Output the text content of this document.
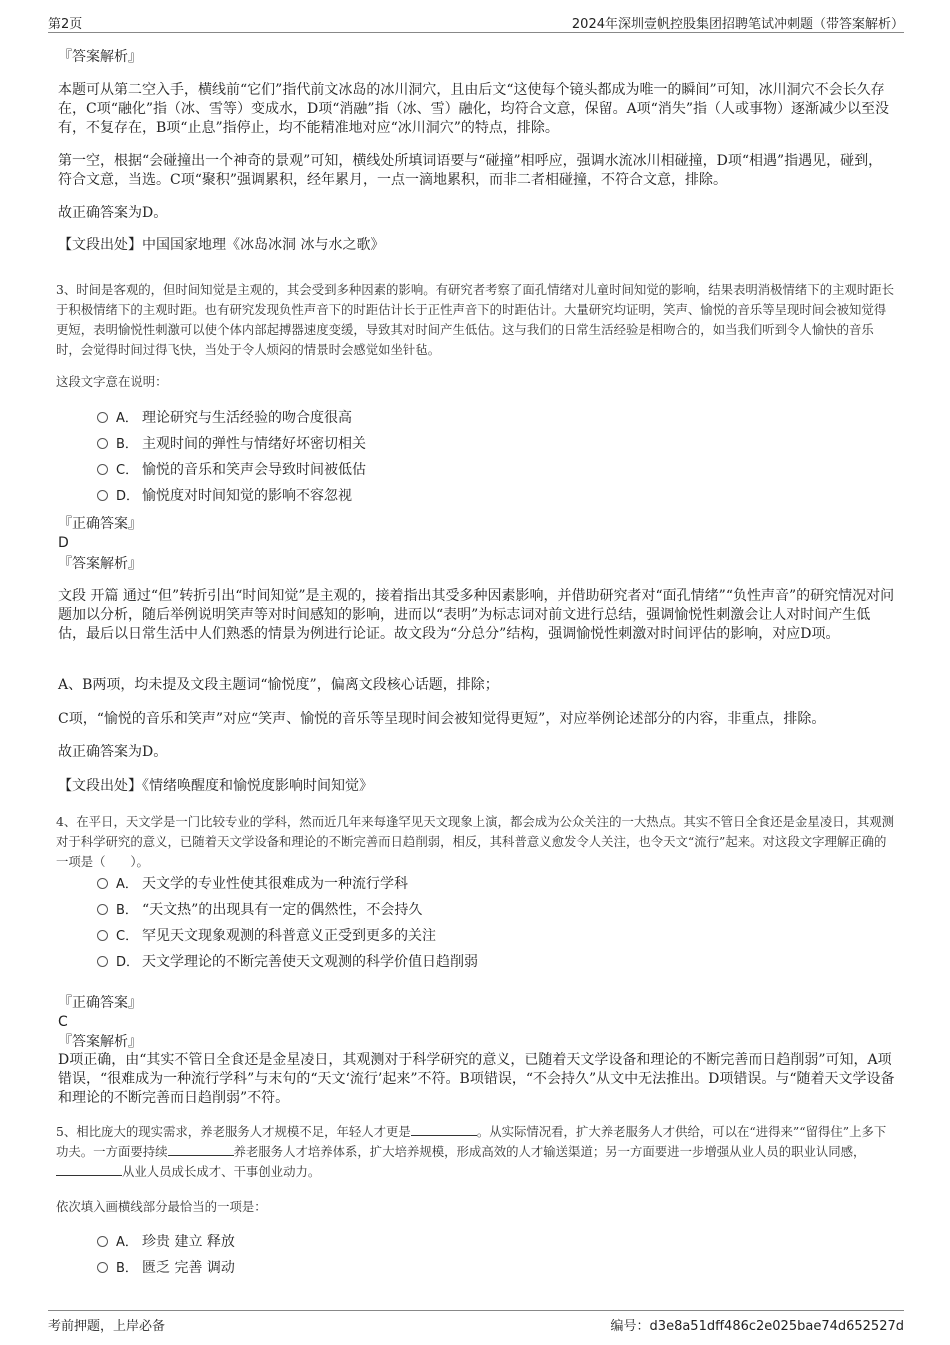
第2页	2024年深圳壹帆控股集团招聘笔试冲刺题（带答案解析）

『答案解析』

本题可从第二空入手，横线前“它们”指代前文冰岛的冰川洞穴，且由后文“这使每个镜头都成为唯一的瞬间”可知，冰川洞穴不会长久存在，C项“融化”指（冰、雪等）变成水，D项“消融”指（冰、雪）融化，均符合文意，保留。A项“消失”指（人或事物）逐渐减少以至没有，不复存在，B项“止息”指停止，均不能精准地对应“冰川洞穴”的特点，排除。

第一空，根据“会碰撞出一个神奇的景观”可知，横线处所填词语要与“碰撞”相呼应，强调水流冰川相碰撞，D项“相遇”指遇见，碰到，符合文意，当选。C项“聚积”强调累积，经年累月，一点一滴地累积，而非二者相碰撞，不符合文意，排除。

故正确答案为D。

【文段出处】中国国家地理《冰岛冰洞 冰与水之歌》

3、时间是客观的，但时间知觉是主观的，其会受到多种因素的影响。有研究者考察了面孔情绪对儿童时间知觉的影响，结果表明消极情绪下的主观时距长于积极情绪下的主观时距。也有研究发现负性声音下的时距估计长于正性声音下的时距估计。大量研究均证明，笑声、愉悦的音乐等呈现时间会被知觉得更短，表明愉悦性刺激可以使个体内部起搏器速度变缓，导致其对时间产生低估。这与我们的日常生活经验是相吻合的，如当我们听到令人愉快的音乐时，会觉得时间过得飞快，当处于令人烦闷的情景时会感觉如坐针毡。

这段文字意在说明：

A． 理论研究与生活经验的吻合度很高
B． 主观时间的弹性与情绪好坏密切相关
C． 愉悦的音乐和笑声会导致时间被低估
D． 愉悦度对时间知觉的影响不容忽视

『正确答案』

D

『答案解析』

文段 开篇 通过“但”转折引出“时间知觉”是主观的，接着指出其受多种因素影响，并借助研究者对“面孔情绪”“负性声音”的研究情况对问题加以分析，随后举例说明笑声等对时间感知的影响，进而以“表明”为标志词对前文进行总结，强调愉悦性刺激会让人对时间产生低估，最后以日常生活中人们熟悉的情景为例进行论证。故文段为“分总分”结构，强调愉悦性刺激对时间评估的影响，对应D项。

A、B两项，均未提及文段主题词“愉悦度”，偏离文段核心话题，排除；

C项，“愉悦的音乐和笑声”对应“笑声、愉悦的音乐等呈现时间会被知觉得更短”，对应举例论述部分的内容，非重点，排除。

故正确答案为D。

【文段出处】《情绪唤醒度和愉悦度影响时间知觉》

4、在平日，天文学是一门比较专业的学科，然而近几年来每逢罕见天文现象上演，都会成为公众关注的一大热点。其实不管日全食还是金星凌日，其观测对于科学研究的意义，已随着天文学设备和理论的不断完善而日趋削弱，相反，其科普意义愈发令人关注，也令天文“流行”起来。对这段文字理解正确的一项是（　　）。

A． 天文学的专业性使其很难成为一种流行学科
B． “天文热”的出现具有一定的偶然性，不会持久
C． 罕见天文现象观测的科普意义正受到更多的关注
D． 天文学理论的不断完善使天文观测的科学价值日趋削弱

『正确答案』

C

『答案解析』

D项正确，由“其实不管日全食还是金星凌日，其观测对于科学研究的意义，已随着天文学设备和理论的不断完善而日趋削弱”可知，A项错误，“很难成为一种流行学科”与末句的“天文‘流行’起来”不符。B项错误，“不会持久”从文中无法推出。D项错误。与“随着天文学设备和理论的不断完善而日趋削弱”不符。

5、相比庞大的现实需求，养老服务人才规模不足，年轻人才更是	。从实际情况看，扩大养老服务人才供给，可以在“进得来”“留得住”上多下功夫。一方面要持续	养老服务人才培养体系，扩大培养规模，形成高效的人才输送渠道；另一方面要进一步增强从业人员的职业认同感，从业人员成长成才、干事创业动力。

依次填入画横线部分最恰当的一项是：

A． 珍贵 建立 释放
B． 匮乏 完善 调动
考前押题，上岸必备	编号：d3e8a51dff486c2e025bae74d652527d
